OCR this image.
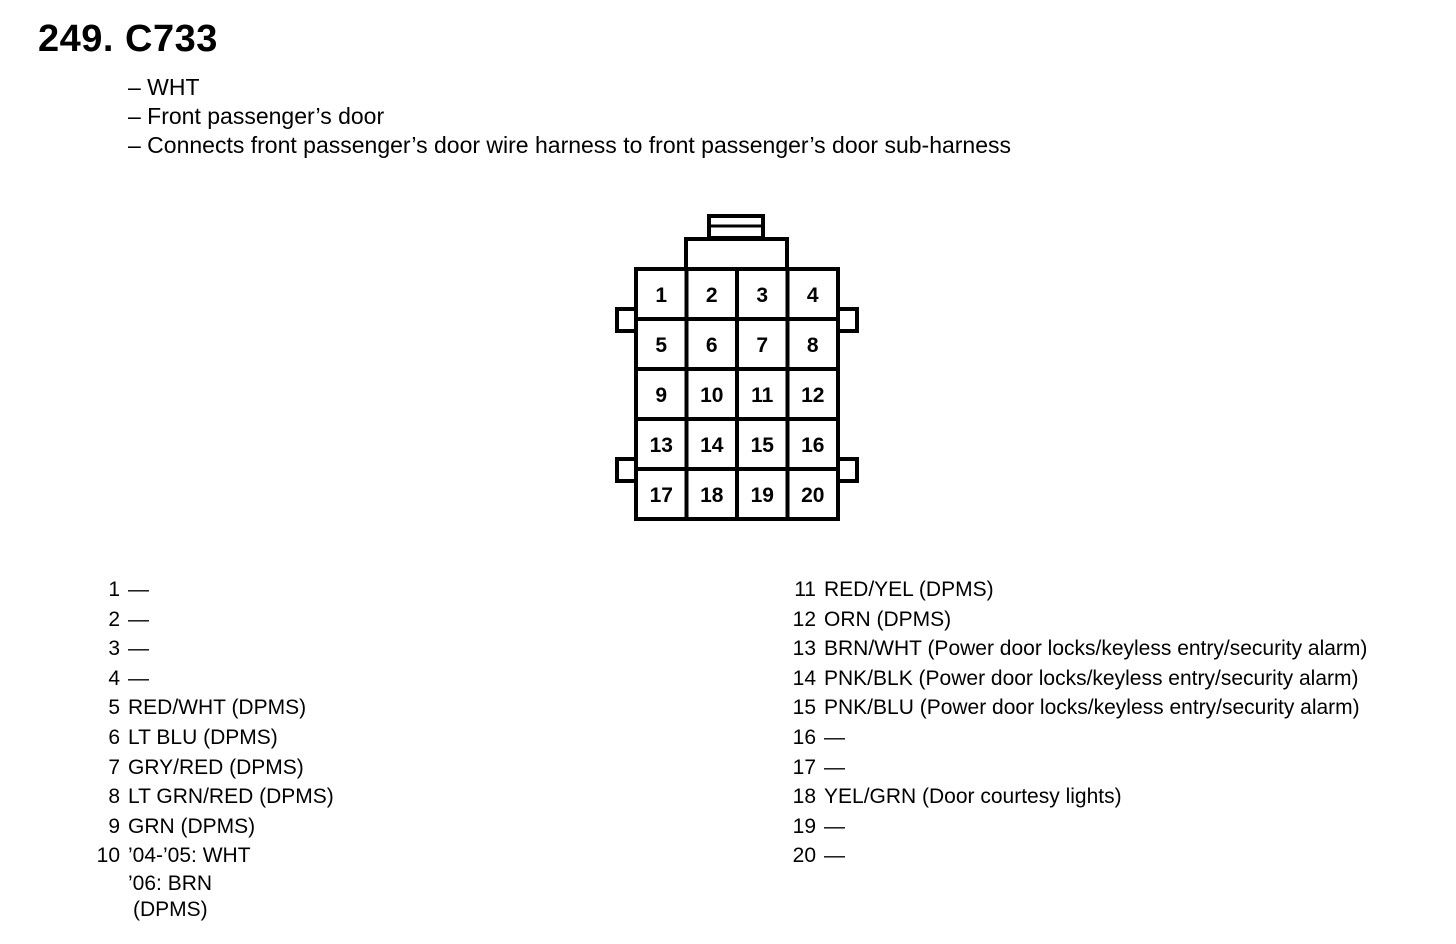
249. C733
– WHT
– Front passenger’s door
– Connects front passenger’s door wire harness to front passenger’s door sub-harness
1 2 3 4
5 6 7 8
9 10 11 12
13 14 15 16
17 18 19 20
1 —
2 —
3 —
4 —
5 RED/WHT (DPMS)
6 LT BLU (DPMS)
7 GRY/RED (DPMS)
8 LT GRN/RED (DPMS)
9 GRN (DPMS)
10 ’04-’05: WHT
’06: BRN
(DPMS)
11 RED/YEL (DPMS)
12 ORN (DPMS)
13 BRN/WHT (Power door locks/keyless entry/security alarm)
14 PNK/BLK (Power door locks/keyless entry/security alarm)
15 PNK/BLU (Power door locks/keyless entry/security alarm)
16 —
17 —
18 YEL/GRN (Door courtesy lights)
19 —
20 —
